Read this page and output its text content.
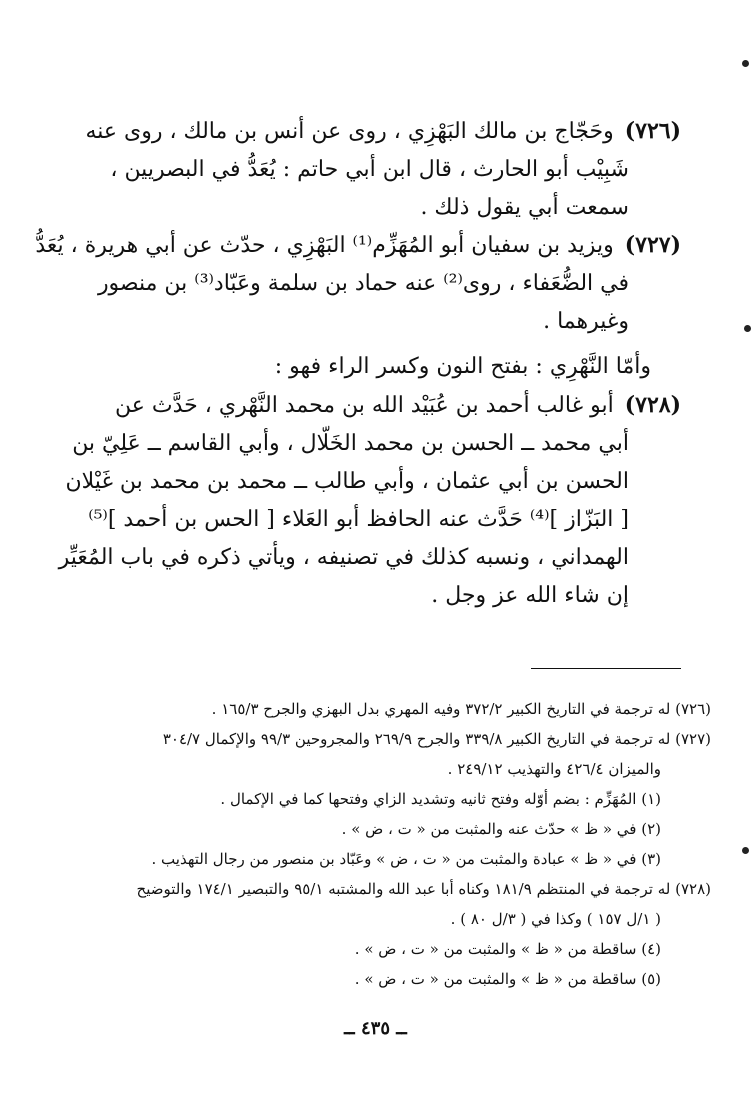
(٧٢٦) وحَجّاج بن مالك البَهْزِي ، روى عن أنس بن مالك ، روى عنه
شَبِيْب أبو الحارث ، قال ابن أبي حاتم : يُعَدُّ في البصريين ،
سمعت أبي يقول ذلك .
(٧٢٧) ويزيد بن سفيان أبو المُهَزِّم⁽¹⁾ البَهْزِي ، حدّث عن أبي هريرة ، يُعَدُّ
في الضُّعَفاء ، روى⁽²⁾ عنه حماد بن سلمة وعَبّاد⁽³⁾ بن منصور
وغيرهما .
وأمّا النَّهْرِي : بفتح النون وكسر الراء فهو :
(٧٢٨) أبو غالب أحمد بن عُبَيْد الله بن محمد النَّهْري ، حَدَّث عن
أبي محمد ــ الحسن بن محمد الخَلّال ، وأبي القاسم ــ عَلِيّ بن
الحسن بن أبي عثمان ، وأبي طالب ــ محمد بن محمد بن غَيْلان
[ البَزّاز ]⁽⁴⁾ حَدَّث عنه الحافظ أبو العَلاء [ الحس بن أحمد ]⁽⁵⁾
الهمداني ، ونسبه كذلك في تصنيفه ، ويأتي ذكره في باب المُعَيِّر
إن شاء الله عز وجل .
(٧٢٦) له ترجمة في التاريخ الكبير ٣٧٢/٢ وفيه المهري بدل البهزي والجرح ١٦٥/٣ .
(٧٢٧) له ترجمة في التاريخ الكبير ٣٣٩/٨ والجرح ٢٦٩/٩ والمجروحين ٩٩/٣ والإكمال ٣٠٤/٧
والميزان ٤٢٦/٤ والتهذيب ٢٤٩/١٢ .
(١) المُهَزِّم : بضم أوّله وفتح ثانيه وتشديد الزاي وفتحها كما في الإكمال .
(٢) في « ظ » حدّث عنه والمثبت من « ت ، ض » .
(٣) في « ظ » عبادة والمثبت من « ت ، ض » وعَبّاد بن منصور من رجال التهذيب .
(٧٢٨) له ترجمة في المنتظم ١٨١/٩ وكناه أبا عبد الله والمشتبه ٩٥/١ والتبصير ١٧٤/١ والتوضيح
( ١/ل ١٥٧ ) وكذا في ( ٣/ل ٨٠ ) .
(٤) ساقطة من « ظ » والمثبت من « ت ، ض » .
(٥) ساقطة من « ظ » والمثبت من « ت ، ض » .
ــ ٤٣٥ ــ
